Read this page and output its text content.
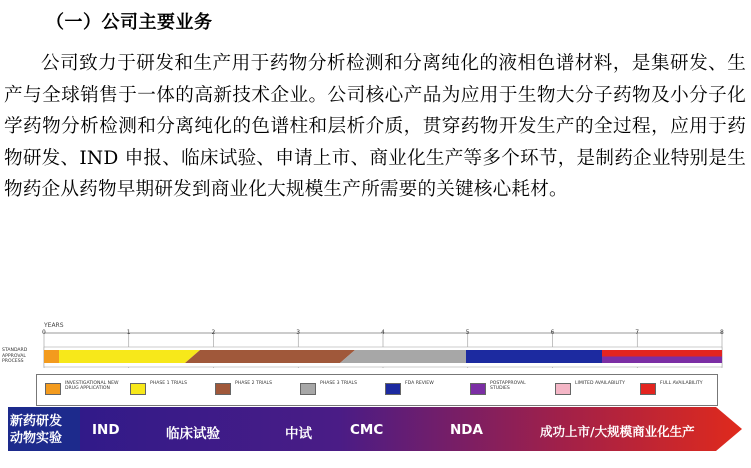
（一）公司主要业务
公司致力于研发和生产用于药物分析检测和分离纯化的液相色谱材料，是集研发、生产与全球销售于一体的高新技术企业。公司核心产品为应用于生物大分子药物及小分子化学药物分析检测和分离纯化的色谱柱和层析介质，贯穿药物开发生产的全过程，应用于药物研发、IND 申报、临床试验、申请上市、商业化生产等多个环节，是制药企业特别是生物药企从药物早期研发到商业化大规模生产所需要的关键核心耗材。
YEARS
0	1	2	3	4	5	6	7	8
STANDARD APPROVAL PROCESS
INVESTIGATIONAL NEW DRUG APPLICATION
PHASE 1 TRIALS	PHASE 2 TRIALS	PHASE 3 TRIALS	FDA REVIEW	POSTAPPROVAL STUDIES
LIMITED AVAILABILITY	FULL AVAILABILITY
新药研发
动物实验
IND	临床试验	中试	CMC	NDA	成功上市/大规模商业化生产
